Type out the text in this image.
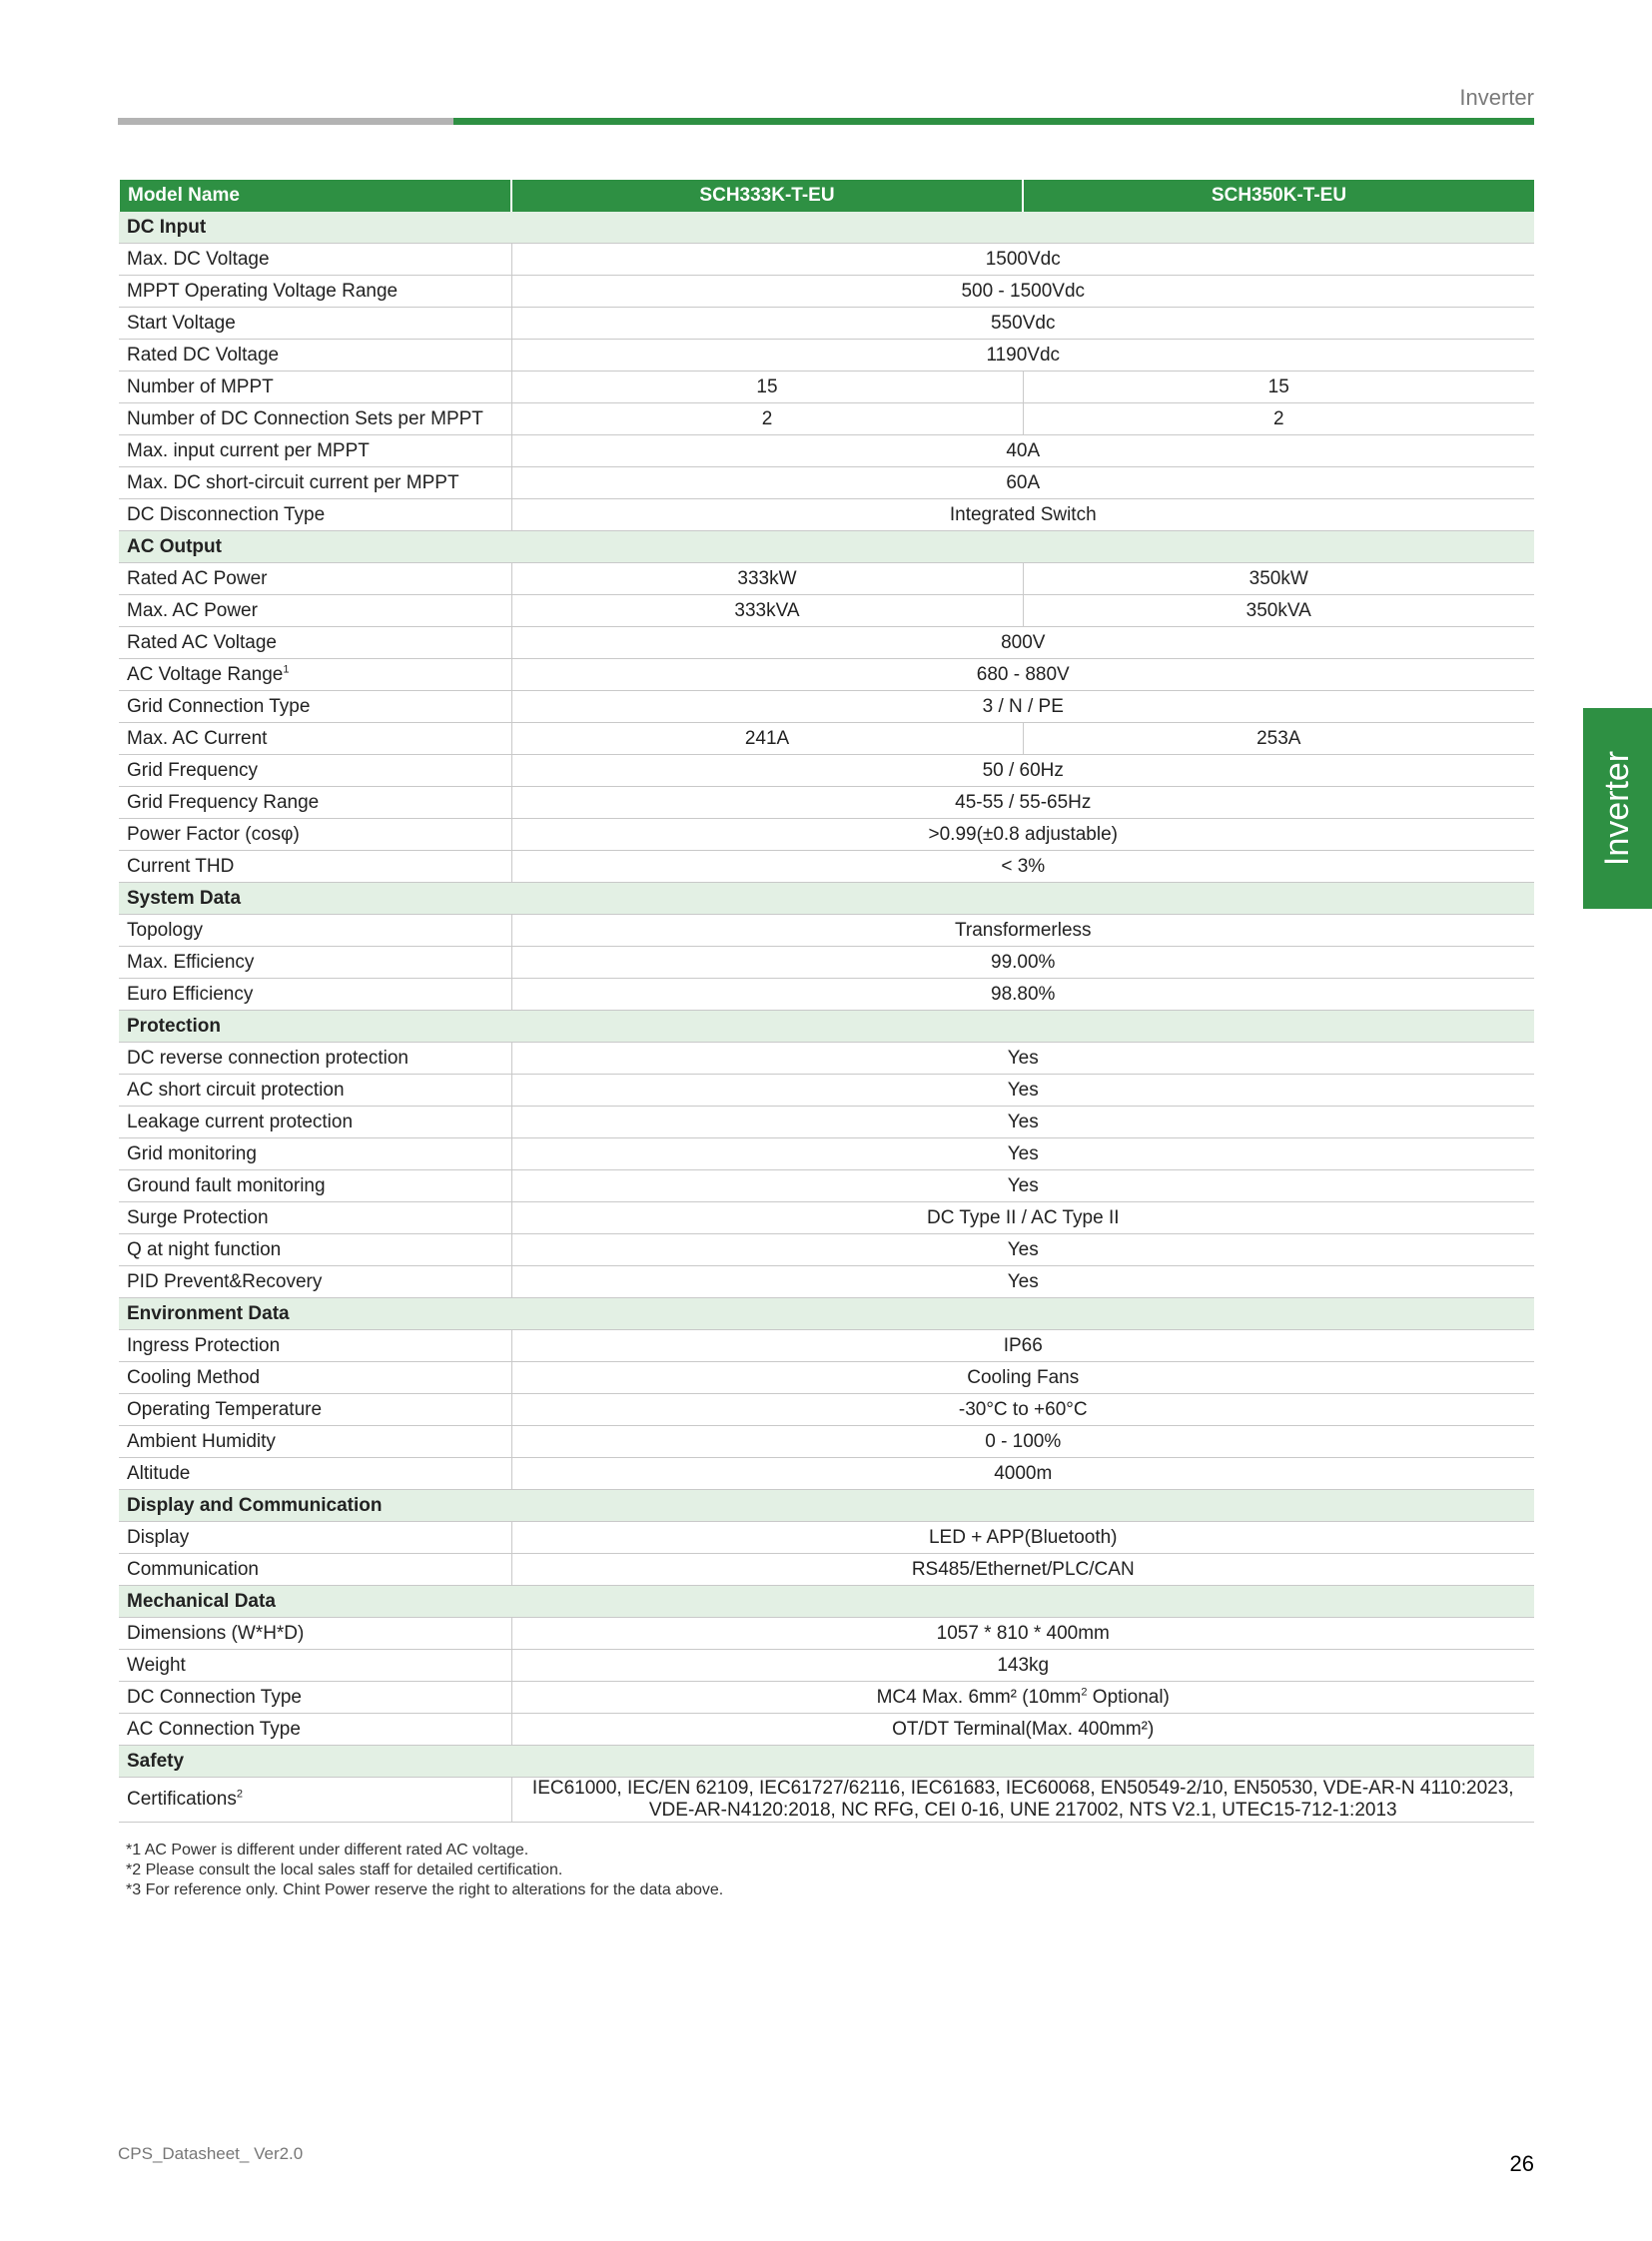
Inverter
Inverter
Model Name	SCH333K-T-EU	SCH350K-T-EU
DC Input		
Max. DC Voltage	1500Vdc	
MPPT Operating Voltage Range	500 - 1500Vdc	
Start Voltage	550Vdc	
Rated DC Voltage	1190Vdc	
Number of MPPT	15	15
Number of DC Connection Sets per MPPT	2	2
Max. input current per MPPT	40A	
Max. DC short-circuit current per MPPT	60A	
DC Disconnection Type	Integrated Switch	
AC Output		
Rated AC Power	333kW	350kW
Max. AC Power	333kVA	350kVA
Rated AC Voltage	800V	
AC Voltage Range$^1$	680 - 880V	
Grid Connection Type	3 / N / PE	
Max. AC Current	241A	253A
Grid Frequency	50 / 60Hz	
Grid Frequency Range	45-55 / 55-65Hz	
Power Factor (cosφ)	>0.99(±0.8 adjustable)	
Current THD	< 3%	
System Data		
Topology	Transformerless	
Max. Efficiency	99.00%	
Euro Efficiency	98.80%	
Protection		
DC reverse connection protection	Yes	
AC short circuit protection	Yes	
Leakage current protection	Yes	
Grid monitoring	Yes	
Ground fault monitoring	Yes	
Surge Protection	DC Type II / AC Type II	
Q at night function	Yes	
PID Prevent&Recovery	Yes	
Environment Data		
Ingress Protection	IP66	
Cooling Method	Cooling Fans	
Operating Temperature	-30°C to +60°C	
Ambient Humidity	0 - 100%	
Altitude	4000m	
Display and Communication		
Display	LED + APP(Bluetooth)	
Communication	RS485/Ethernet/PLC/CAN	
Mechanical Data		
Dimensions (W*H*D)	1057 * 810 * 400mm	
Weight	143kg	
DC Connection Type	MC4 Max. 6mm² ($10mm^2$ Optional)	
AC Connection Type	OT/DT Terminal(Max. 400mm²)	
Safety		
Certifications$^2$	IEC61000, IEC/EN 62109, IEC61727/62116, IEC61683, IEC60068, EN50549-2/10, EN50530, VDE-AR-N 4110:2023, VDE-AR-N4120:2018, NC RFG, CEI 0-16, UNE 217002, NTS V2.1, UTEC15-712-1:2013	
*1 AC Power is different under different rated AC voltage.
*2 Please consult the local sales staff for detailed certification.
*3 For reference only. Chint Power reserve the right to alterations for the data above.
CPS_Datasheet_ Ver2.0	26
